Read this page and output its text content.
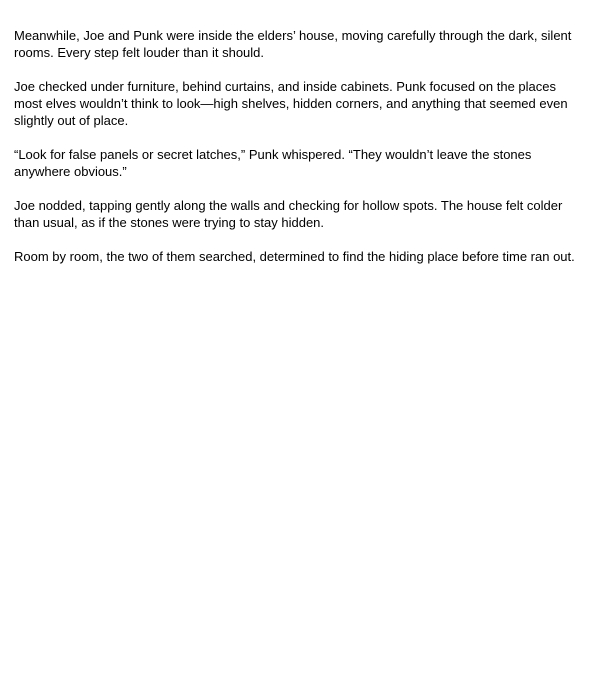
Meanwhile, Joe and Punk were inside the elders’ house, moving carefully through the dark, silent rooms. Every step felt louder than it should.

Joe checked under furniture, behind curtains, and inside cabinets. Punk focused on the places most elves wouldn’t think to look—high shelves, hidden corners, and anything that seemed even slightly out of place.

“Look for false panels or secret latches,” Punk whispered. “They wouldn’t leave the stones anywhere obvious.”

Joe nodded, tapping gently along the walls and checking for hollow spots. The house felt colder than usual, as if the stones were trying to stay hidden.

Room by room, the two of them searched, determined to find the hiding place before time ran out.
